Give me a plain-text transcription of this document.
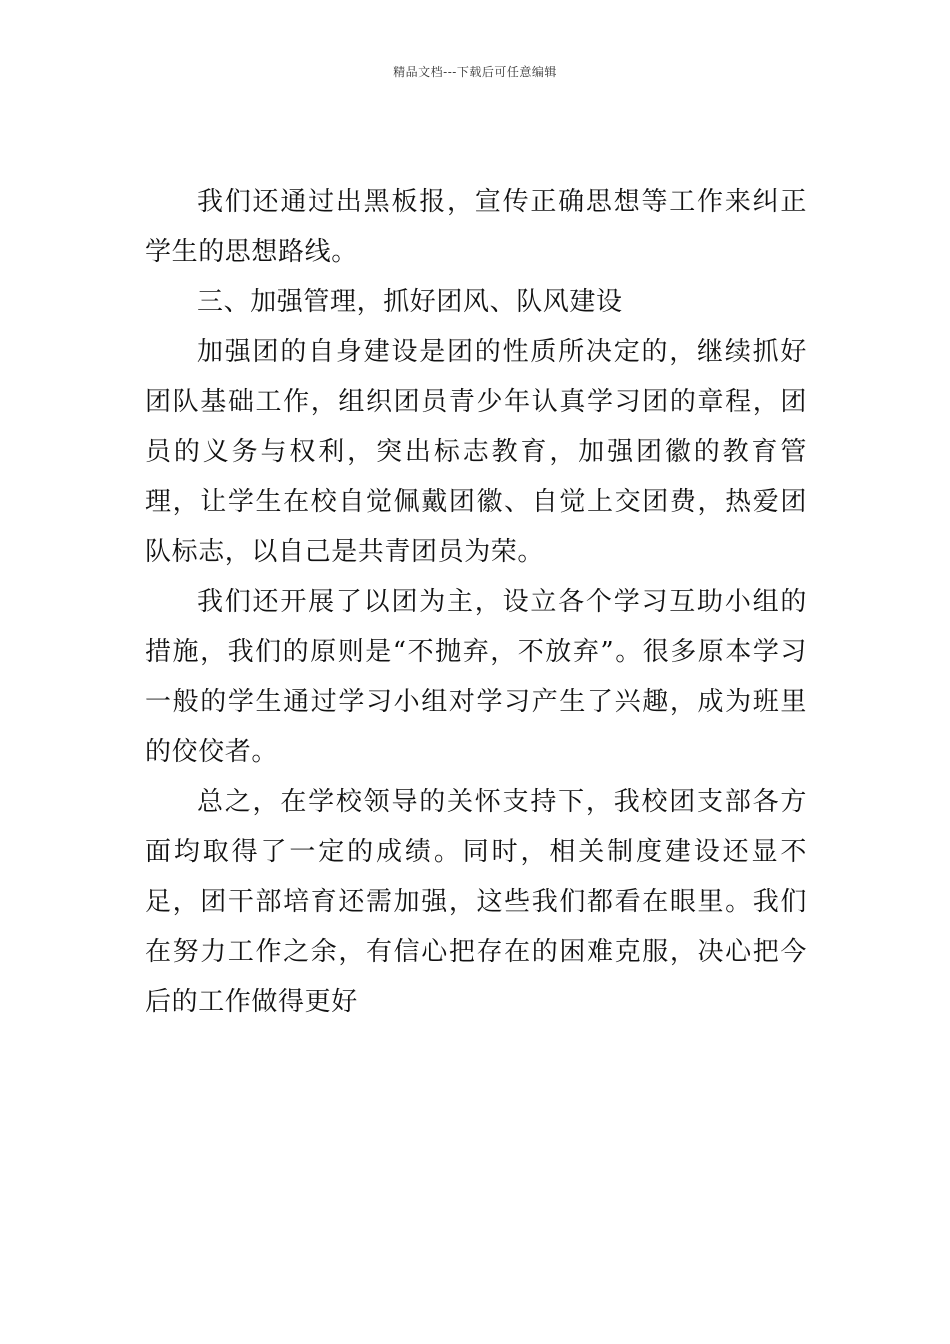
精品文档---下载后可任意编辑

我们还通过出黑板报，宣传正确思想等工作来纠正学生的思想路线。

三、加强管理，抓好团风、队风建设

加强团的自身建设是团的性质所决定的，继续抓好团队基础工作，组织团员青少年认真学习团的章程，团员的义务与权利，突出标志教育，加强团徽的教育管理，让学生在校自觉佩戴团徽、自觉上交团费，热爱团队标志，以自己是共青团员为荣。

我们还开展了以团为主，设立各个学习互助小组的措施，我们的原则是“不抛弃，不放弃”。很多原本学习一般的学生通过学习小组对学习产生了兴趣，成为班里的佼佼者。

总之，在学校领导的关怀支持下，我校团支部各方面均取得了一定的成绩。同时，相关制度建设还显不足，团干部培育还需加强，这些我们都看在眼里。我们在努力工作之余，有信心把存在的困难克服，决心把今后的工作做得更好
